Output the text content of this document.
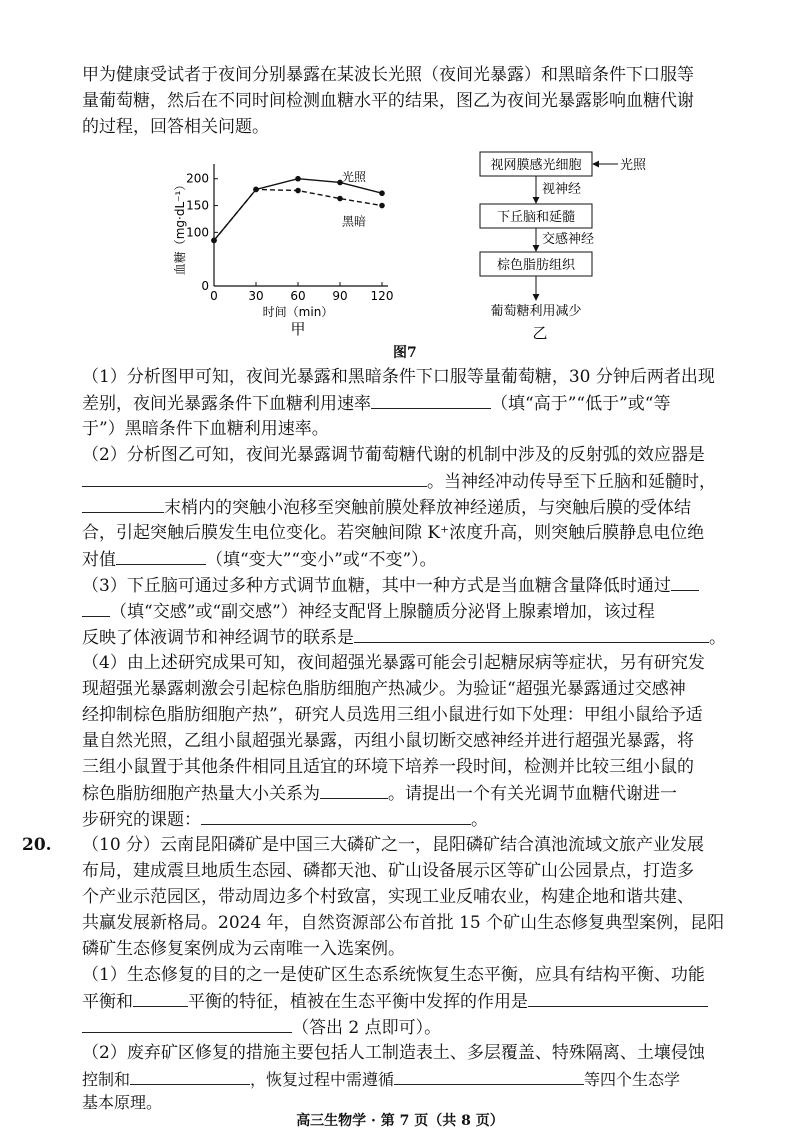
甲为健康受试者于夜间分别暴露在某波长光照（夜间光暴露）和黑暗条件下口服等
量葡萄糖，然后在不同时间检测血糖水平的结果，图乙为夜间光暴露影响血糖代谢
的过程，回答相关问题。
0	30 60 90 120
0
100
150
200
时间（min）
血糖（mg·dL⁻¹）
光照
黑暗
甲
视网膜感光细胞	光照
视神经
下丘脑和延髓
交感神经
棕色脂肪组织
葡萄糖利用减少
乙
图7
（1）分析图甲可知，夜间光暴露和黑暗条件下口服等量葡萄糖，30 分钟后两者出现
差别，夜间光暴露条件下血糖利用速率	（填“高于”“低于”或“等
于”）黑暗条件下血糖利用速率。
（2）分析图乙可知，夜间光暴露调节葡萄糖代谢的机制中涉及的反射弧的效应器是
。当神经冲动传导至下丘脑和延髓时，
末梢内的突触小泡移至突触前膜处释放神经递质，与突触后膜的受体结
合，引起突触后膜发生电位变化。若突触间隙 K⁺浓度升高，则突触后膜静息电位绝
对值	（填“变大”“变小”或“不变”）。
（3）下丘脑可通过多种方式调节血糖，其中一种方式是当血糖含量降低时通过
（填“交感”或“副交感”）神经支配肾上腺髓质分泌肾上腺素增加，该过程
反映了体液调节和神经调节的联系是	。
（4）由上述研究成果可知，夜间超强光暴露可能会引起糖尿病等症状，另有研究发
现超强光暴露刺激会引起棕色脂肪细胞产热减少。为验证“超强光暴露通过交感神
经抑制棕色脂肪细胞产热”，研究人员选用三组小鼠进行如下处理：甲组小鼠给予适
量自然光照，乙组小鼠超强光暴露，丙组小鼠切断交感神经并进行超强光暴露，将
三组小鼠置于其他条件相同且适宜的环境下培养一段时间，检测并比较三组小鼠的
棕色脂肪细胞产热量大小关系为	。请提出一个有关光调节血糖代谢进一
步研究的课题：	。
20. （10 分）云南昆阳磷矿是中国三大磷矿之一，昆阳磷矿结合滇池流域文旅产业发展
布局，建成震旦地质生态园、磷都天池、矿山设备展示区等矿山公园景点，打造多
个产业示范园区，带动周边多个村致富，实现工业反哺农业，构建企地和谐共建、
共赢发展新格局。2024 年，自然资源部公布首批 15 个矿山生态修复典型案例，昆阳
磷矿生态修复案例成为云南唯一入选案例。
（1）生态修复的目的之一是使矿区生态系统恢复生态平衡，应具有结构平衡、功能
平衡和	平衡的特征，植被在生态平衡中发挥的作用是
（答出 2 点即可）。
（2）废弃矿区修复的措施主要包括人工制造表土、多层覆盖、特殊隔离、土壤侵蚀
控制和	，恢复过程中需遵循	等四个生态学
基本原理。
高三生物学 · 第 7 页（共 8 页）
